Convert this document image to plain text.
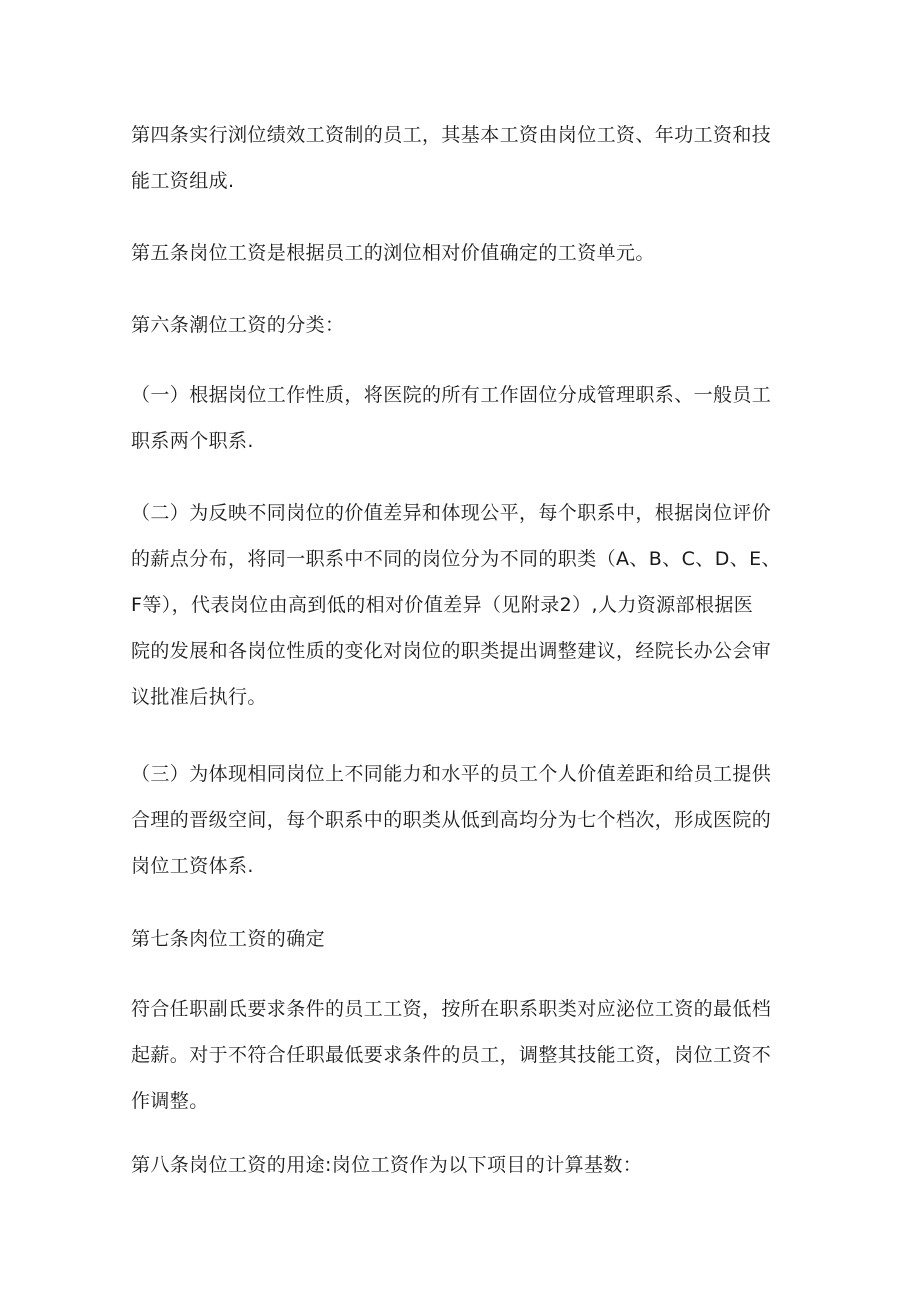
第四条实行浏位绩效工资制的员工，其基本工资由岗位工资、年功工资和技
能工资组成.

第五条岗位工资是根据员工的浏位相对价值确定的工资单元。

第六条潮位工资的分类：

（一）根据岗位工作性质，将医院的所有工作固位分成管理职系、一般员工
职系两个职系.

（二）为反映不同岗位的价值差异和体现公平，每个职系中，根据岗位评价
的薪点分布，将同一职系中不同的岗位分为不同的职类（A、B、C、D、E、
F等），代表岗位由高到低的相对价值差异（见附录2）,人力资源部根据医
院的发展和各岗位性质的变化对岗位的职类提出调整建议，经院长办公会审
议批准后执行。

（三）为体现相同岗位上不同能力和水平的员工个人价值差距和给员工提供
合理的晋级空间，每个职系中的职类从低到高均分为七个档次，形成医院的
岗位工资体系.

第七条肉位工资的确定

符合任职副氐要求条件的员工工资，按所在职系职类对应泌位工资的最低档
起薪。对于不符合任职最低要求条件的员工，调整其技能工资，岗位工资不
作调整。

第八条岗位工资的用途:岗位工资作为以下项目的计算基数：
